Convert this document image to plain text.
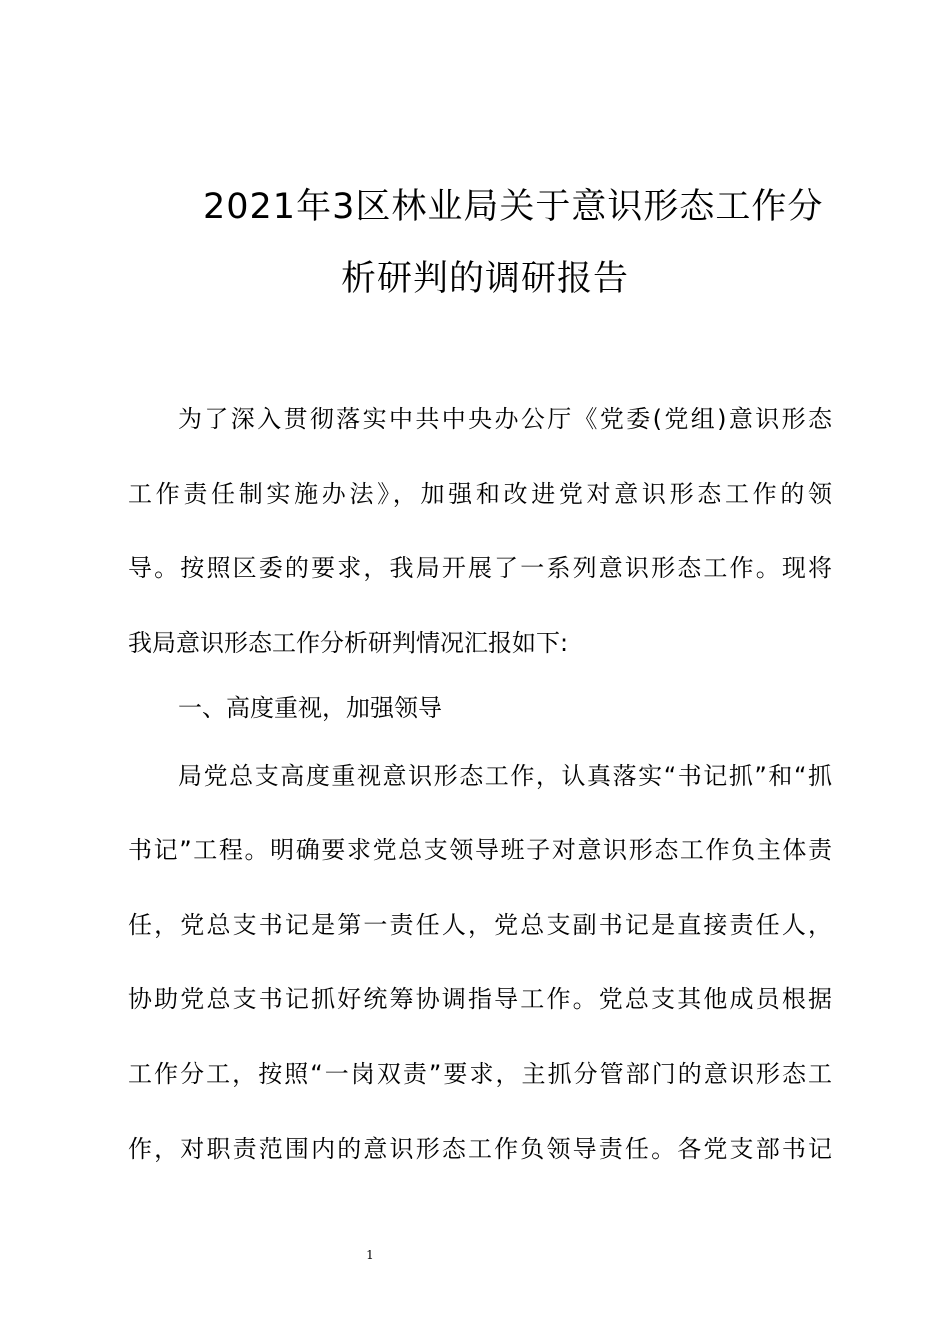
2021年3区林业局关于意识形态工作分
析研判的调研报告
为了深入贯彻落实中共中央办公厅《党委(党组)意识形态
工作责任制实施办法》，加强和改进党对意识形态工作的领
导。按照区委的要求，我局开展了一系列意识形态工作。现将
我局意识形态工作分析研判情况汇报如下:
一、高度重视，加强领导
局党总支高度重视意识形态工作，认真落实“书记抓”和“抓
书记”工程。明确要求党总支领导班子对意识形态工作负主体责
任，党总支书记是第一责任人，党总支副书记是直接责任人，
协助党总支书记抓好统筹协调指导工作。党总支其他成员根据
工作分工，按照“一岗双责”要求，主抓分管部门的意识形态工
作，对职责范围内的意识形态工作负领导责任。各党支部书记
1
